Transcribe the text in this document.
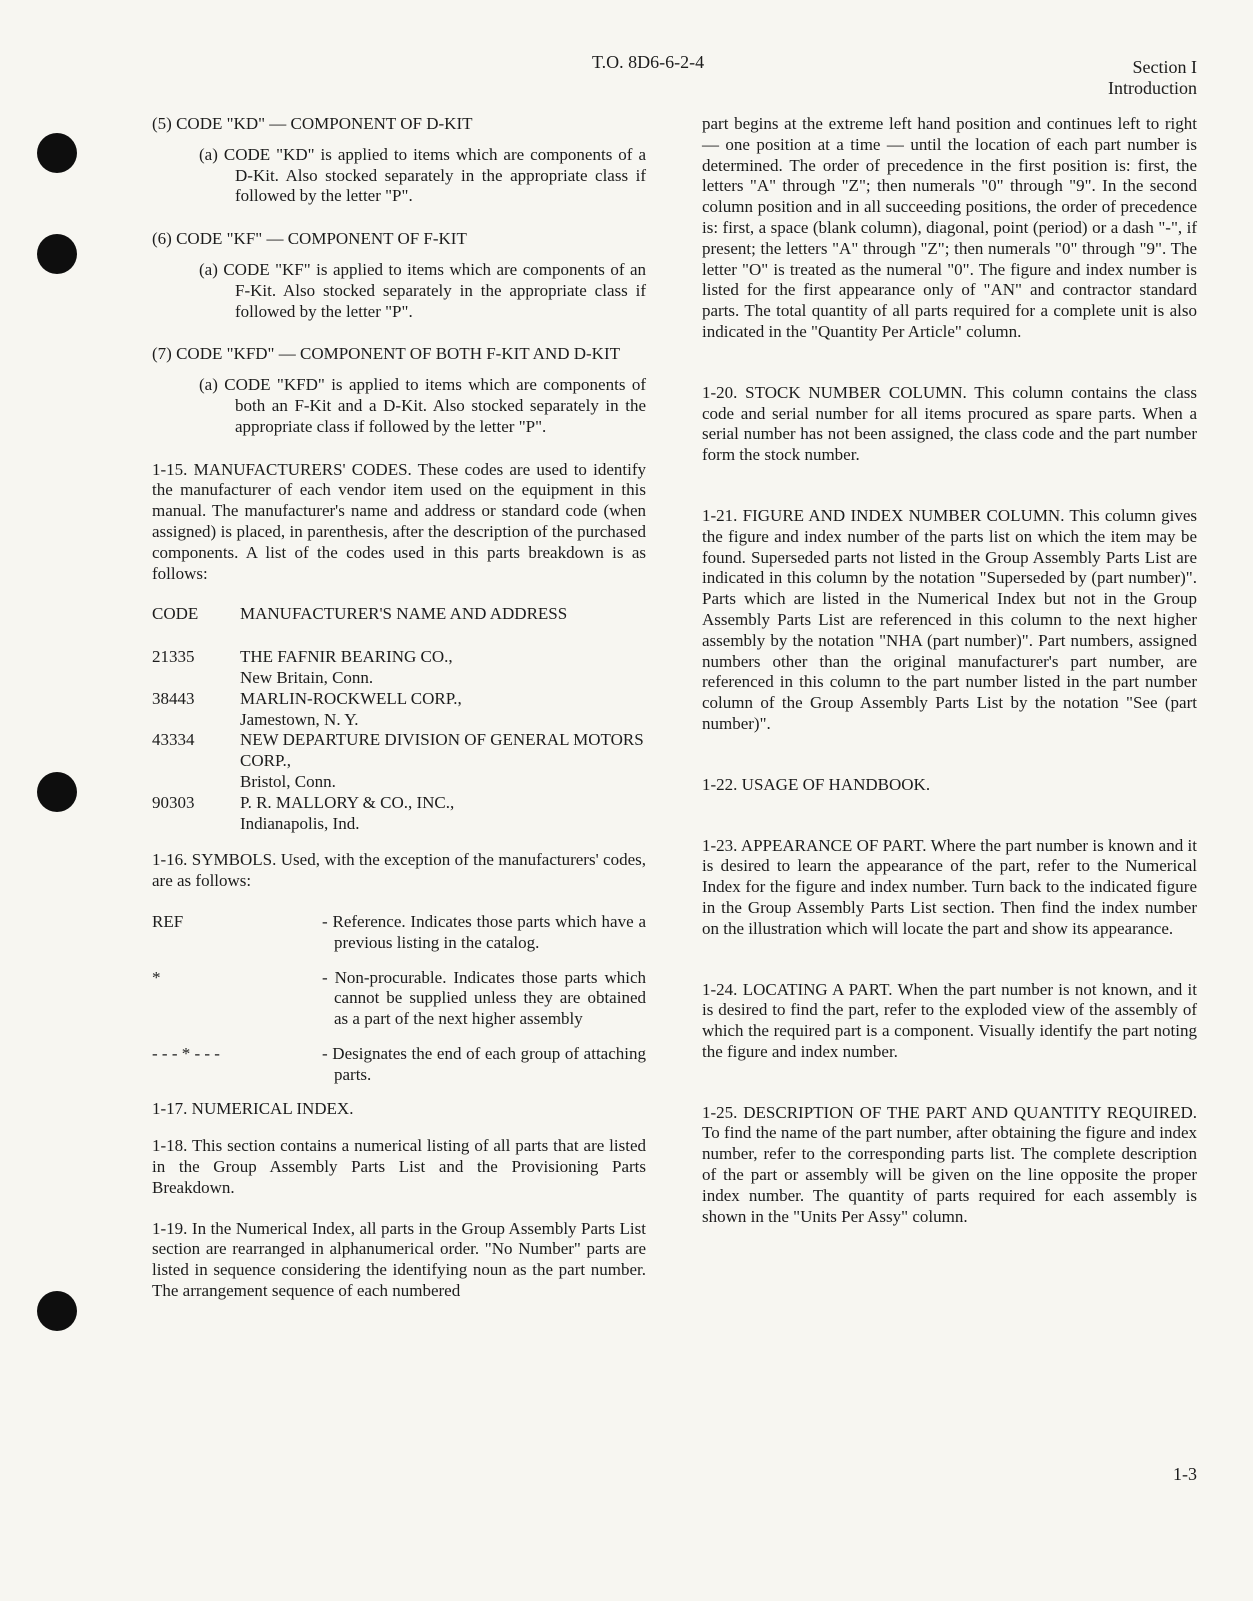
T.O. 8D6-6-2-4	Section I
Introduction

(5) CODE "KD" — COMPONENT OF D-KIT

(a) CODE "KD" is applied to items which are components of a D-Kit. Also stocked separately in the appropriate class if followed by the letter "P".

(6) CODE "KF" — COMPONENT OF F-KIT

(a) CODE "KF" is applied to items which are components of an F-Kit. Also stocked separately in the appropriate class if followed by the letter "P".

(7) CODE "KFD" — COMPONENT OF BOTH F-KIT AND D-KIT

(a) CODE "KFD" is applied to items which are components of both an F-Kit and a D-Kit. Also stocked separately in the appropriate class if followed by the letter "P".

1-15. MANUFACTURERS' CODES. These codes are used to identify the manufacturer of each vendor item used on the equipment in this manual. The manufacturer's name and address or standard code (when assigned) is placed, in parenthesis, after the description of the purchased components. A list of the codes used in this parts breakdown is as follows:

CODE	MANUFACTURER'S NAME AND ADDRESS
21335	THE FAFNIR BEARING CO.,
New Britain, Conn.

38443	MARLIN-ROCKWELL CORP.,
Jamestown, N. Y.

43334	NEW DEPARTURE DIVISION OF GENERAL MOTORS CORP.,
Bristol, Conn.

90303	P. R. MALLORY & CO., INC.,
Indianapolis, Ind.

1-16. SYMBOLS. Used, with the exception of the manufacturers' codes, are as follows:

REF	- Reference. Indicates those parts which have a previous listing in the catalog.
*	- Non-procurable. Indicates those parts which cannot be supplied unless they are obtained as a part of the next higher assembly
- - - * - - -	- Designates the end of each group of attaching parts.

1-17. NUMERICAL INDEX.

1-18. This section contains a numerical listing of all parts that are listed in the Group Assembly Parts List and the Provisioning Parts Breakdown.

1-19. In the Numerical Index, all parts in the Group Assembly Parts List section are rearranged in alphanumerical order. "No Number" parts are listed in sequence considering the identifying noun as the part number. The arrangement sequence of each numbered

part begins at the extreme left hand position and continues left to right — one position at a time — until the location of each part number is determined. The order of precedence in the first position is: first, the letters "A" through "Z"; then numerals "0" through "9". In the second column position and in all succeeding positions, the order of precedence is: first, a space (blank column), diagonal, point (period) or a dash "-", if present; the letters "A" through "Z"; then numerals "0" through "9". The letter "O" is treated as the numeral "0". The figure and index number is listed for the first appearance only of "AN" and contractor standard parts. The total quantity of all parts required for a complete unit is also indicated in the "Quantity Per Article" column.

1-20. STOCK NUMBER COLUMN. This column contains the class code and serial number for all items procured as spare parts. When a serial number has not been assigned, the class code and the part number form the stock number.

1-21. FIGURE AND INDEX NUMBER COLUMN. This column gives the figure and index number of the parts list on which the item may be found. Superseded parts not listed in the Group Assembly Parts List are indicated in this column by the notation "Superseded by (part number)". Parts which are listed in the Numerical Index but not in the Group Assembly Parts List are referenced in this column to the next higher assembly by the notation "NHA (part number)". Part numbers, assigned numbers other than the original manufacturer's part number, are referenced in this column to the part number listed in the part number column of the Group Assembly Parts List by the notation "See (part number)".

1-22. USAGE OF HANDBOOK.

1-23. APPEARANCE OF PART. Where the part number is known and it is desired to learn the appearance of the part, refer to the Numerical Index for the figure and index number. Turn back to the indicated figure in the Group Assembly Parts List section. Then find the index number on the illustration which will locate the part and show its appearance.

1-24. LOCATING A PART. When the part number is not known, and it is desired to find the part, refer to the exploded view of the assembly of which the required part is a component. Visually identify the part noting the figure and index number.

1-25. DESCRIPTION OF THE PART AND QUANTITY REQUIRED. To find the name of the part number, after obtaining the figure and index number, refer to the corresponding parts list. The complete description of the part or assembly will be given on the line opposite the proper index number. The quantity of parts required for each assembly is shown in the "Units Per Assy" column.

1-3
